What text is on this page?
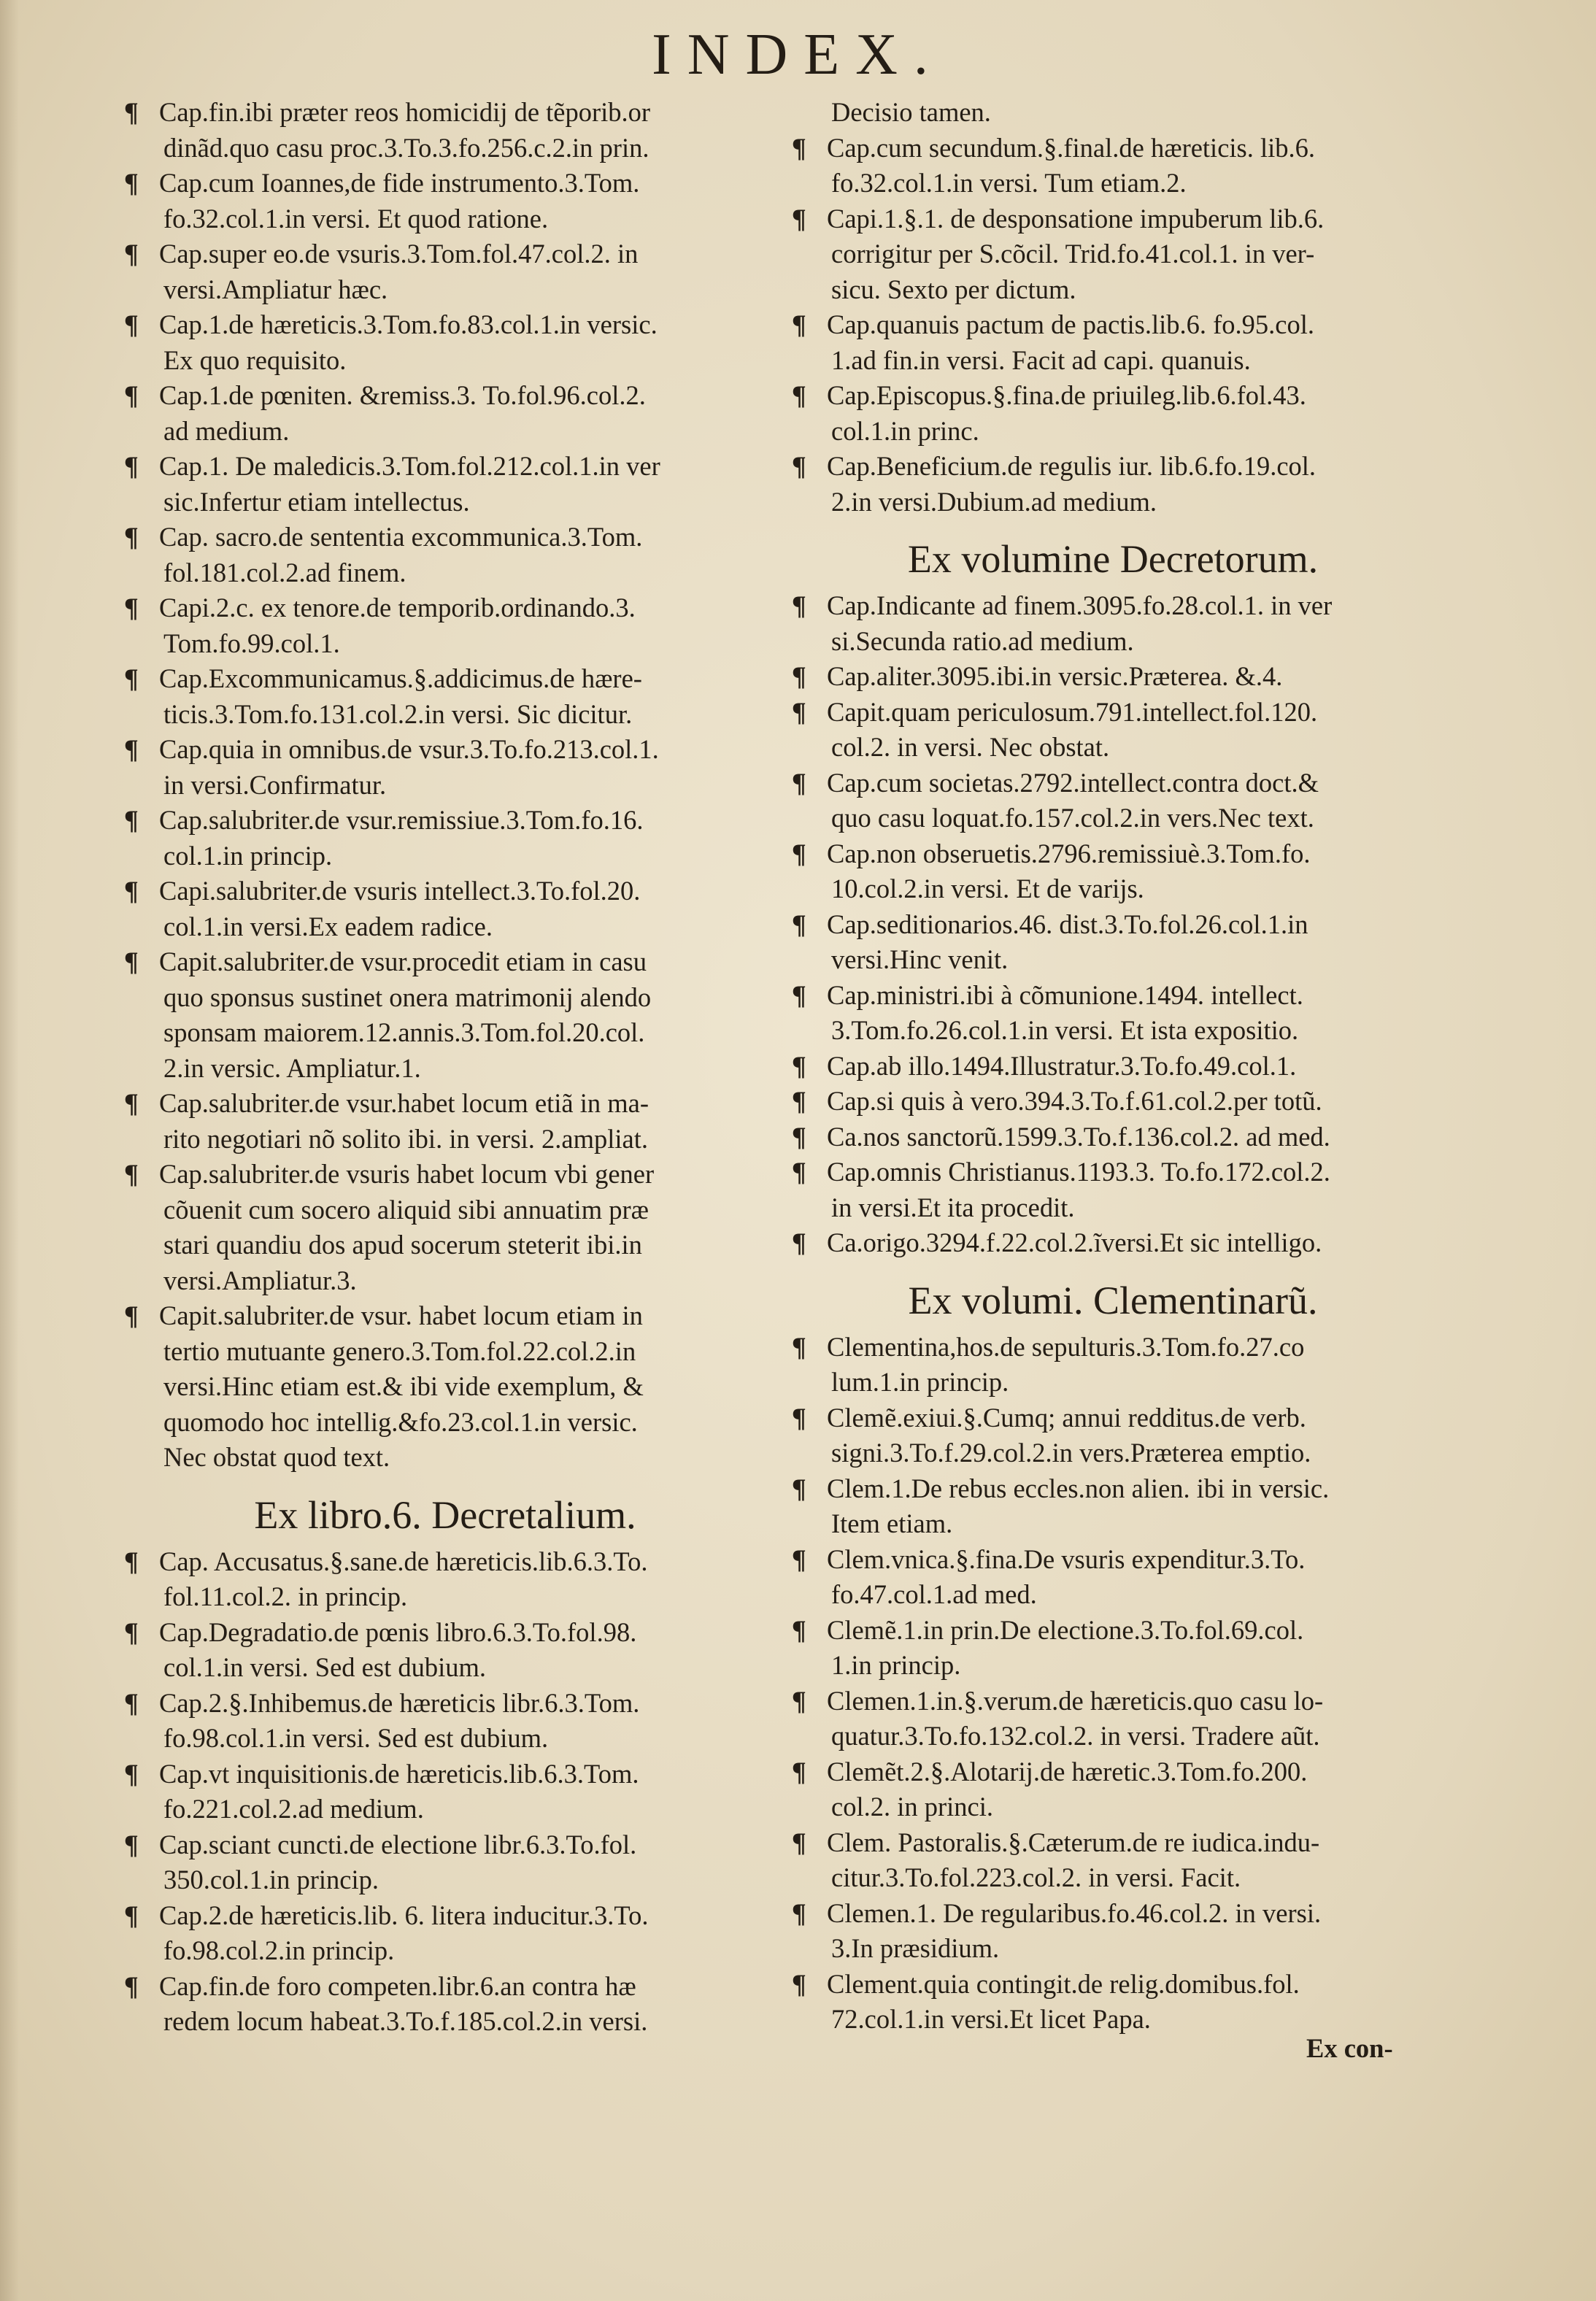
INDEX.
¶ Cap.fin.ibi præter reos homicidij de tẽporib.or
dinãd.quo casu proc.3.To.3.fo.256.c.2.in prin.
¶ Cap.cum Ioannes,de fide instrumento.3.Tom.
fo.32.col.1.in versi. Et quod ratione.
¶ Cap.super eo.de vsuris.3.Tom.fol.47.col.2. in
versi.Ampliatur hæc.
¶ Cap.1.de hæreticis.3.Tom.fo.83.col.1.in versic.
Ex quo requisito.
¶ Cap.1.de pœniten. &remiss.3. To.fol.96.col.2.
ad medium.
¶ Cap.1. De maledicis.3.Tom.fol.212.col.1.in ver
sic.Infertur etiam intellectus.
¶ Cap. sacro.de sententia excommunica.3.Tom.
fol.181.col.2.ad finem.
¶ Capi.2.c. ex tenore.de temporib.ordinando.3.
Tom.fo.99.col.1.
¶ Cap.Excommunicamus.§.addicimus.de hære-
ticis.3.Tom.fo.131.col.2.in versi. Sic dicitur.
¶ Cap.quia in omnibus.de vsur.3.To.fo.213.col.1.
in versi.Confirmatur.
¶ Cap.salubriter.de vsur.remissiue.3.Tom.fo.16.
col.1.in princip.
¶ Capi.salubriter.de vsuris intellect.3.To.fol.20.
col.1.in versi.Ex eadem radice.
¶ Capit.salubriter.de vsur.procedit etiam in casu
quo sponsus sustinet onera matrimonij alendo
sponsam maiorem.12.annis.3.Tom.fol.20.col.
2.in versic. Ampliatur.1.
¶ Cap.salubriter.de vsur.habet locum etiã in ma-
rito negotiari nõ solito ibi. in versi. 2.ampliat.
¶ Cap.salubriter.de vsuris habet locum vbi gener
cõuenit cum socero aliquid sibi annuatim præ
stari quandiu dos apud socerum steterit ibi.in
versi.Ampliatur.3.
¶ Capit.salubriter.de vsur. habet locum etiam in
tertio mutuante genero.3.Tom.fol.22.col.2.in
versi.Hinc etiam est.& ibi vide exemplum, &
quomodo hoc intellig.&fo.23.col.1.in versic.
Nec obstat quod text.
Ex libro.6. Decretalium.
¶ Cap. Accusatus.§.sane.de hæreticis.lib.6.3.To.
fol.11.col.2. in princip.
¶ Cap.Degradatio.de pœnis libro.6.3.To.fol.98.
col.1.in versi. Sed est dubium.
¶ Cap.2.§.Inhibemus.de hæreticis libr.6.3.Tom.
fo.98.col.1.in versi. Sed est dubium.
¶ Cap.vt inquisitionis.de hæreticis.lib.6.3.Tom.
fo.221.col.2.ad medium.
¶ Cap.sciant cuncti.de electione libr.6.3.To.fol.
350.col.1.in princip.
¶ Cap.2.de hæreticis.lib. 6. litera inducitur.3.To.
fo.98.col.2.in princip.
¶ Cap.fin.de foro competen.libr.6.an contra hæ
redem locum habeat.3.To.f.185.col.2.in versi.
Decisio tamen.
¶ Cap.cum secundum.§.final.de hæreticis. lib.6.
fo.32.col.1.in versi. Tum etiam.2.
¶ Capi.1.§.1. de desponsatione impuberum lib.6.
corrigitur per S.cõcil. Trid.fo.41.col.1. in ver-
sicu. Sexto per dictum.
¶ Cap.quanuis pactum de pactis.lib.6. fo.95.col.
1.ad fin.in versi. Facit ad capi. quanuis.
¶ Cap.Episcopus.§.fina.de priuileg.lib.6.fol.43.
col.1.in princ.
¶ Cap.Beneficium.de regulis iur. lib.6.fo.19.col.
2.in versi.Dubium.ad medium.
Ex volumine Decretorum.
¶ Cap.Indicante ad finem.3095.fo.28.col.1. in ver
si.Secunda ratio.ad medium.
¶ Cap.aliter.3095.ibi.in versic.Præterea. &.4.
¶ Capit.quam periculosum.791.intellect.fol.120.
col.2. in versi. Nec obstat.
¶ Cap.cum societas.2792.intellect.contra doct.&
quo casu loquat.fo.157.col.2.in vers.Nec text.
¶ Cap.non obseruetis.2796.remissiuè.3.Tom.fo.
10.col.2.in versi. Et de varijs.
¶ Cap.seditionarios.46. dist.3.To.fol.26.col.1.in
versi.Hinc venit.
¶ Cap.ministri.ibi à cõmunione.1494. intellect.
3.Tom.fo.26.col.1.in versi. Et ista expositio.
¶ Cap.ab illo.1494.Illustratur.3.To.fo.49.col.1.
¶ Cap.si quis à vero.394.3.To.f.61.col.2.per totũ.
¶ Ca.nos sanctorũ.1599.3.To.f.136.col.2. ad med.
¶ Cap.omnis Christianus.1193.3. To.fo.172.col.2.
in versi.Et ita procedit.
¶ Ca.origo.3294.f.22.col.2.ĩversi.Et sic intelligo.
Ex volumi. Clementinarũ.
¶ Clementina,hos.de sepulturis.3.Tom.fo.27.co
lum.1.in princip.
¶ Clemẽ.exiui.§.Cumq; annui redditus.de verb.
signi.3.To.f.29.col.2.in vers.Præterea emptio.
¶ Clem.1.De rebus eccles.non alien. ibi in versic.
Item etiam.
¶ Clem.vnica.§.fina.De vsuris expenditur.3.To.
fo.47.col.1.ad med.
¶ Clemẽ.1.in prin.De electione.3.To.fol.69.col.
1.in princip.
¶ Clemen.1.in.§.verum.de hæreticis.quo casu lo-
quatur.3.To.fo.132.col.2. in versi. Tradere aũt.
¶ Clemẽt.2.§.Alotarij.de hæretic.3.Tom.fo.200.
col.2. in princi.
¶ Clem. Pastoralis.§.Cæterum.de re iudica.indu-
citur.3.To.fol.223.col.2. in versi. Facit.
¶ Clemen.1. De regularibus.fo.46.col.2. in versi.
3.In præsidium.
¶ Clement.quia contingit.de relig.domibus.fol.
72.col.1.in versi.Et licet Papa.
Ex con-
